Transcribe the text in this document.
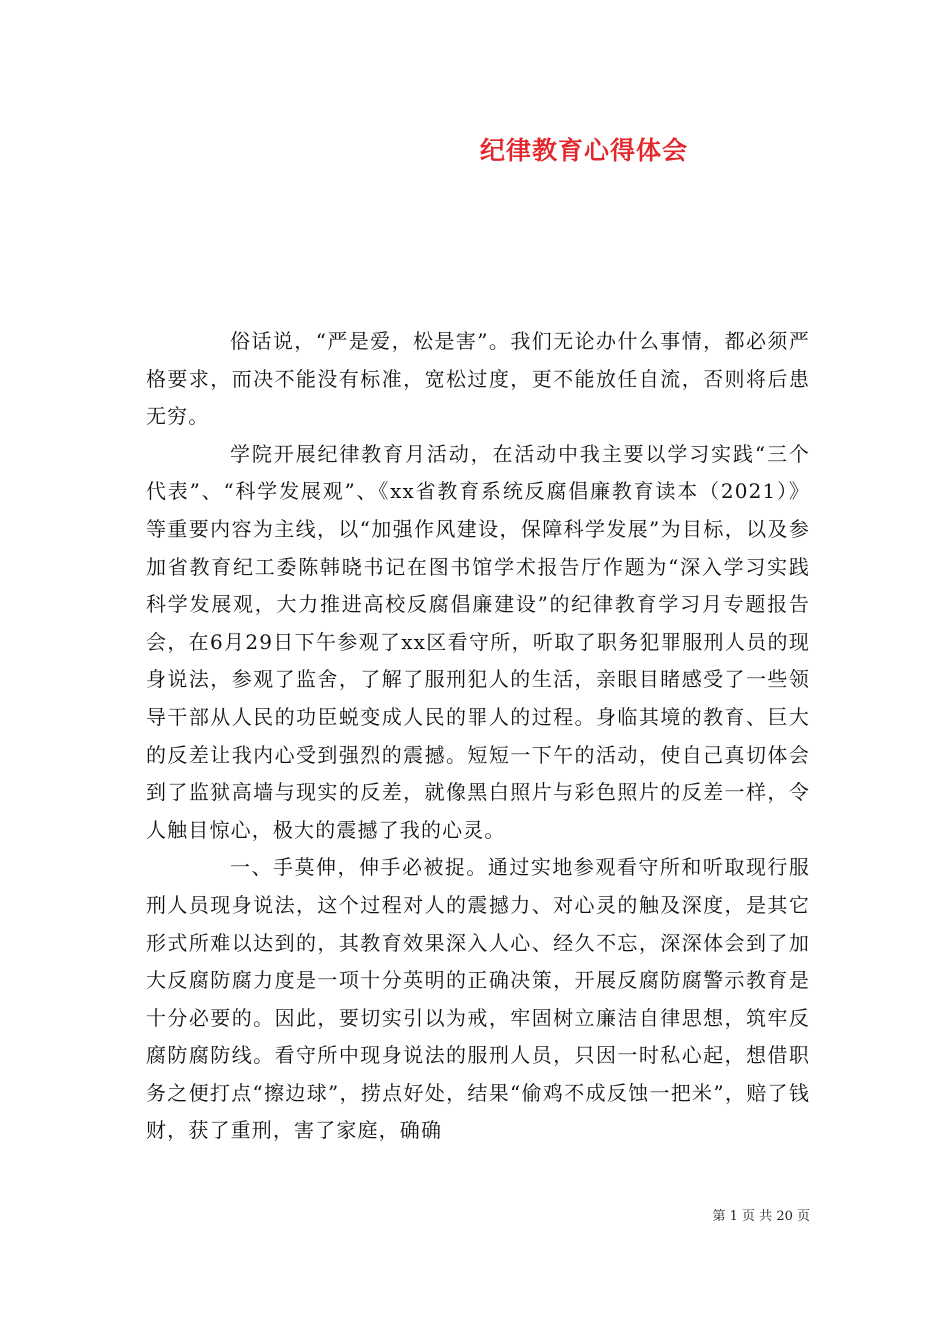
纪律教育心得体会

俗话说，“严是爱，松是害”。我们无论办什么事情，都必须严格要求，而决不能没有标准，宽松过度，更不能放任自流，否则将后患无穷。

学院开展纪律教育月活动，在活动中我主要以学习实践“三个代表”、“科学发展观”、《xx省教育系统反腐倡廉教育读本（2021）》等重要内容为主线，以“加强作风建设，保障科学发展”为目标，以及参加省教育纪工委陈韩晓书记在图书馆学术报告厅作题为“深入学习实践科学发展观，大力推进高校反腐倡廉建设”的纪律教育学习月专题报告会，在6月29日下午参观了xx区看守所，听取了职务犯罪服刑人员的现身说法，参观了监舍，了解了服刑犯人的生活，亲眼目睹感受了一些领导干部从人民的功臣蜕变成人民的罪人的过程。身临其境的教育、巨大的反差让我内心受到强烈的震撼。短短一下午的活动，使自己真切体会到了监狱高墙与现实的反差，就像黑白照片与彩色照片的反差一样，令人触目惊心，极大的震撼了我的心灵。

一、手莫伸，伸手必被捉。通过实地参观看守所和听取现行服刑人员现身说法，这个过程对人的震撼力、对心灵的触及深度，是其它形式所难以达到的，其教育效果深入人心、经久不忘，深深体会到了加大反腐防腐力度是一项十分英明的正确决策，开展反腐防腐警示教育是十分必要的。因此，要切实引以为戒，牢固树立廉洁自律思想，筑牢反腐防腐防线。看守所中现身说法的服刑人员，只因一时私心起，想借职务之便打点“擦边球”，捞点好处，结果“偷鸡不成反蚀一把米”，赔了钱财，获了重刑，害了家庭，确确

第 1 页 共 20 页
